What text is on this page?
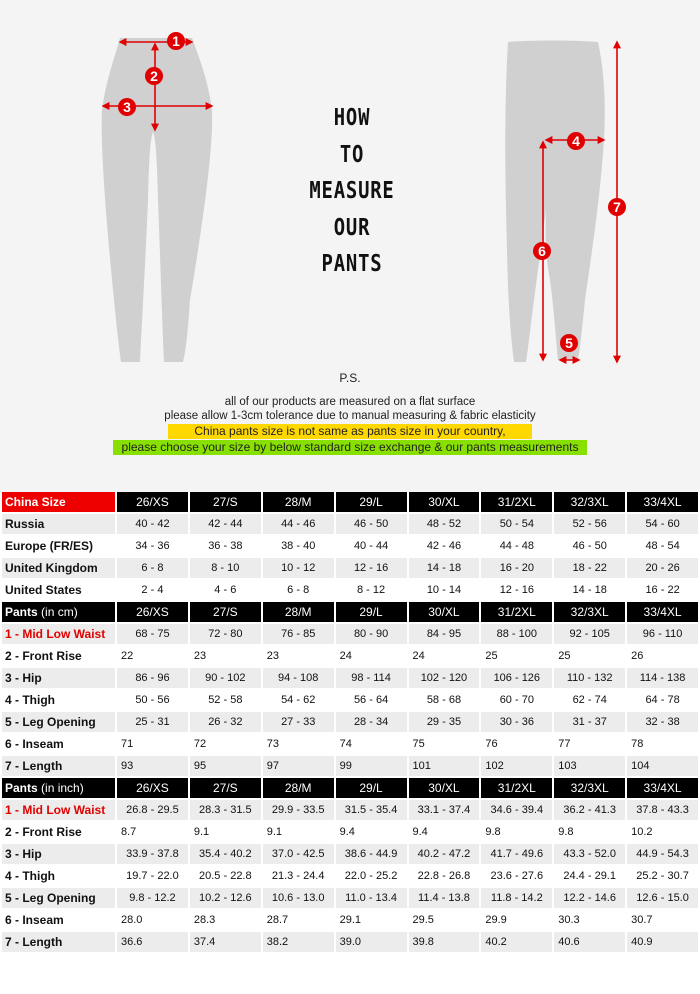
1
2
3
4
5
6
7
HOW
TO
MEASURE
OUR
PANTS
P.S.
all of our products are measured on a flat surface
please allow 1-3cm tolerance due to manual measuring & fabric elasticity
China pants size is not same as pants size in your country,
please choose your size by below standard size exchange & our pants measurements
China Size	26/XS	27/S	28/M	29/L	30/XL	31/2XL	32/3XL	33/4XL
Russia	40 - 42	42 - 44	44 - 46	46 - 50	48 - 52	50 - 54	52 - 56	54 - 60
Europe (FR/ES)	34 - 36	36 - 38	38 - 40	40 - 44	42 - 46	44 - 48	46 - 50	48 - 54
United Kingdom	6 - 8	8 - 10	10 - 12	12 - 16	14 - 18	16 - 20	18 - 22	20 - 26
United States	2 - 4	4 - 6	6 - 8	8 - 12	10 - 14	12 - 16	14 - 18	16 - 22
Pants (in cm)	26/XS	27/S	28/M	29/L	30/XL	31/2XL	32/3XL	33/4XL
1 - Mid Low Waist	68 - 75	72 - 80	76 - 85	80 - 90	84 - 95	88 - 100	92 - 105	96 - 110
2 - Front Rise	22	23	23	24	24	25	25	26
3 - Hip	86 - 96	90 - 102	94 - 108	98 - 114	102 - 120	106 - 126	110 - 132	114 - 138
4 - Thigh	50 - 56	52 - 58	54 - 62	56 - 64	58 - 68	60 - 70	62 - 74	64 - 78
5 - Leg Opening	25 - 31	26 - 32	27 - 33	28 - 34	29 - 35	30 - 36	31 - 37	32 - 38
6 - Inseam	71	72	73	74	75	76	77	78
7 - Length	93	95	97	99	101	102	103	104
Pants (in inch)	26/XS	27/S	28/M	29/L	30/XL	31/2XL	32/3XL	33/4XL
1 - Mid Low Waist	26.8 - 29.5	28.3 - 31.5	29.9 - 33.5	31.5 - 35.4	33.1 - 37.4	34.6 - 39.4	36.2 - 41.3	37.8 - 43.3
2 - Front Rise	8.7	9.1	9.1	9.4	9.4	9.8	9.8	10.2
3 - Hip	33.9 - 37.8	35.4 - 40.2	37.0 - 42.5	38.6 - 44.9	40.2 - 47.2	41.7 - 49.6	43.3 - 52.0	44.9 - 54.3
4 - Thigh	19.7 - 22.0	20.5 - 22.8	21.3 - 24.4	22.0 - 25.2	22.8 - 26.8	23.6 - 27.6	24.4 - 29.1	25.2 - 30.7
5 - Leg Opening	9.8 - 12.2	10.2 - 12.6	10.6 - 13.0	11.0 - 13.4	11.4 - 13.8	11.8 - 14.2	12.2 - 14.6	12.6 - 15.0
6 - Inseam	28.0	28.3	28.7	29.1	29.5	29.9	30.3	30.7
7 - Length	36.6	37.4	38.2	39.0	39.8	40.2	40.6	40.9
